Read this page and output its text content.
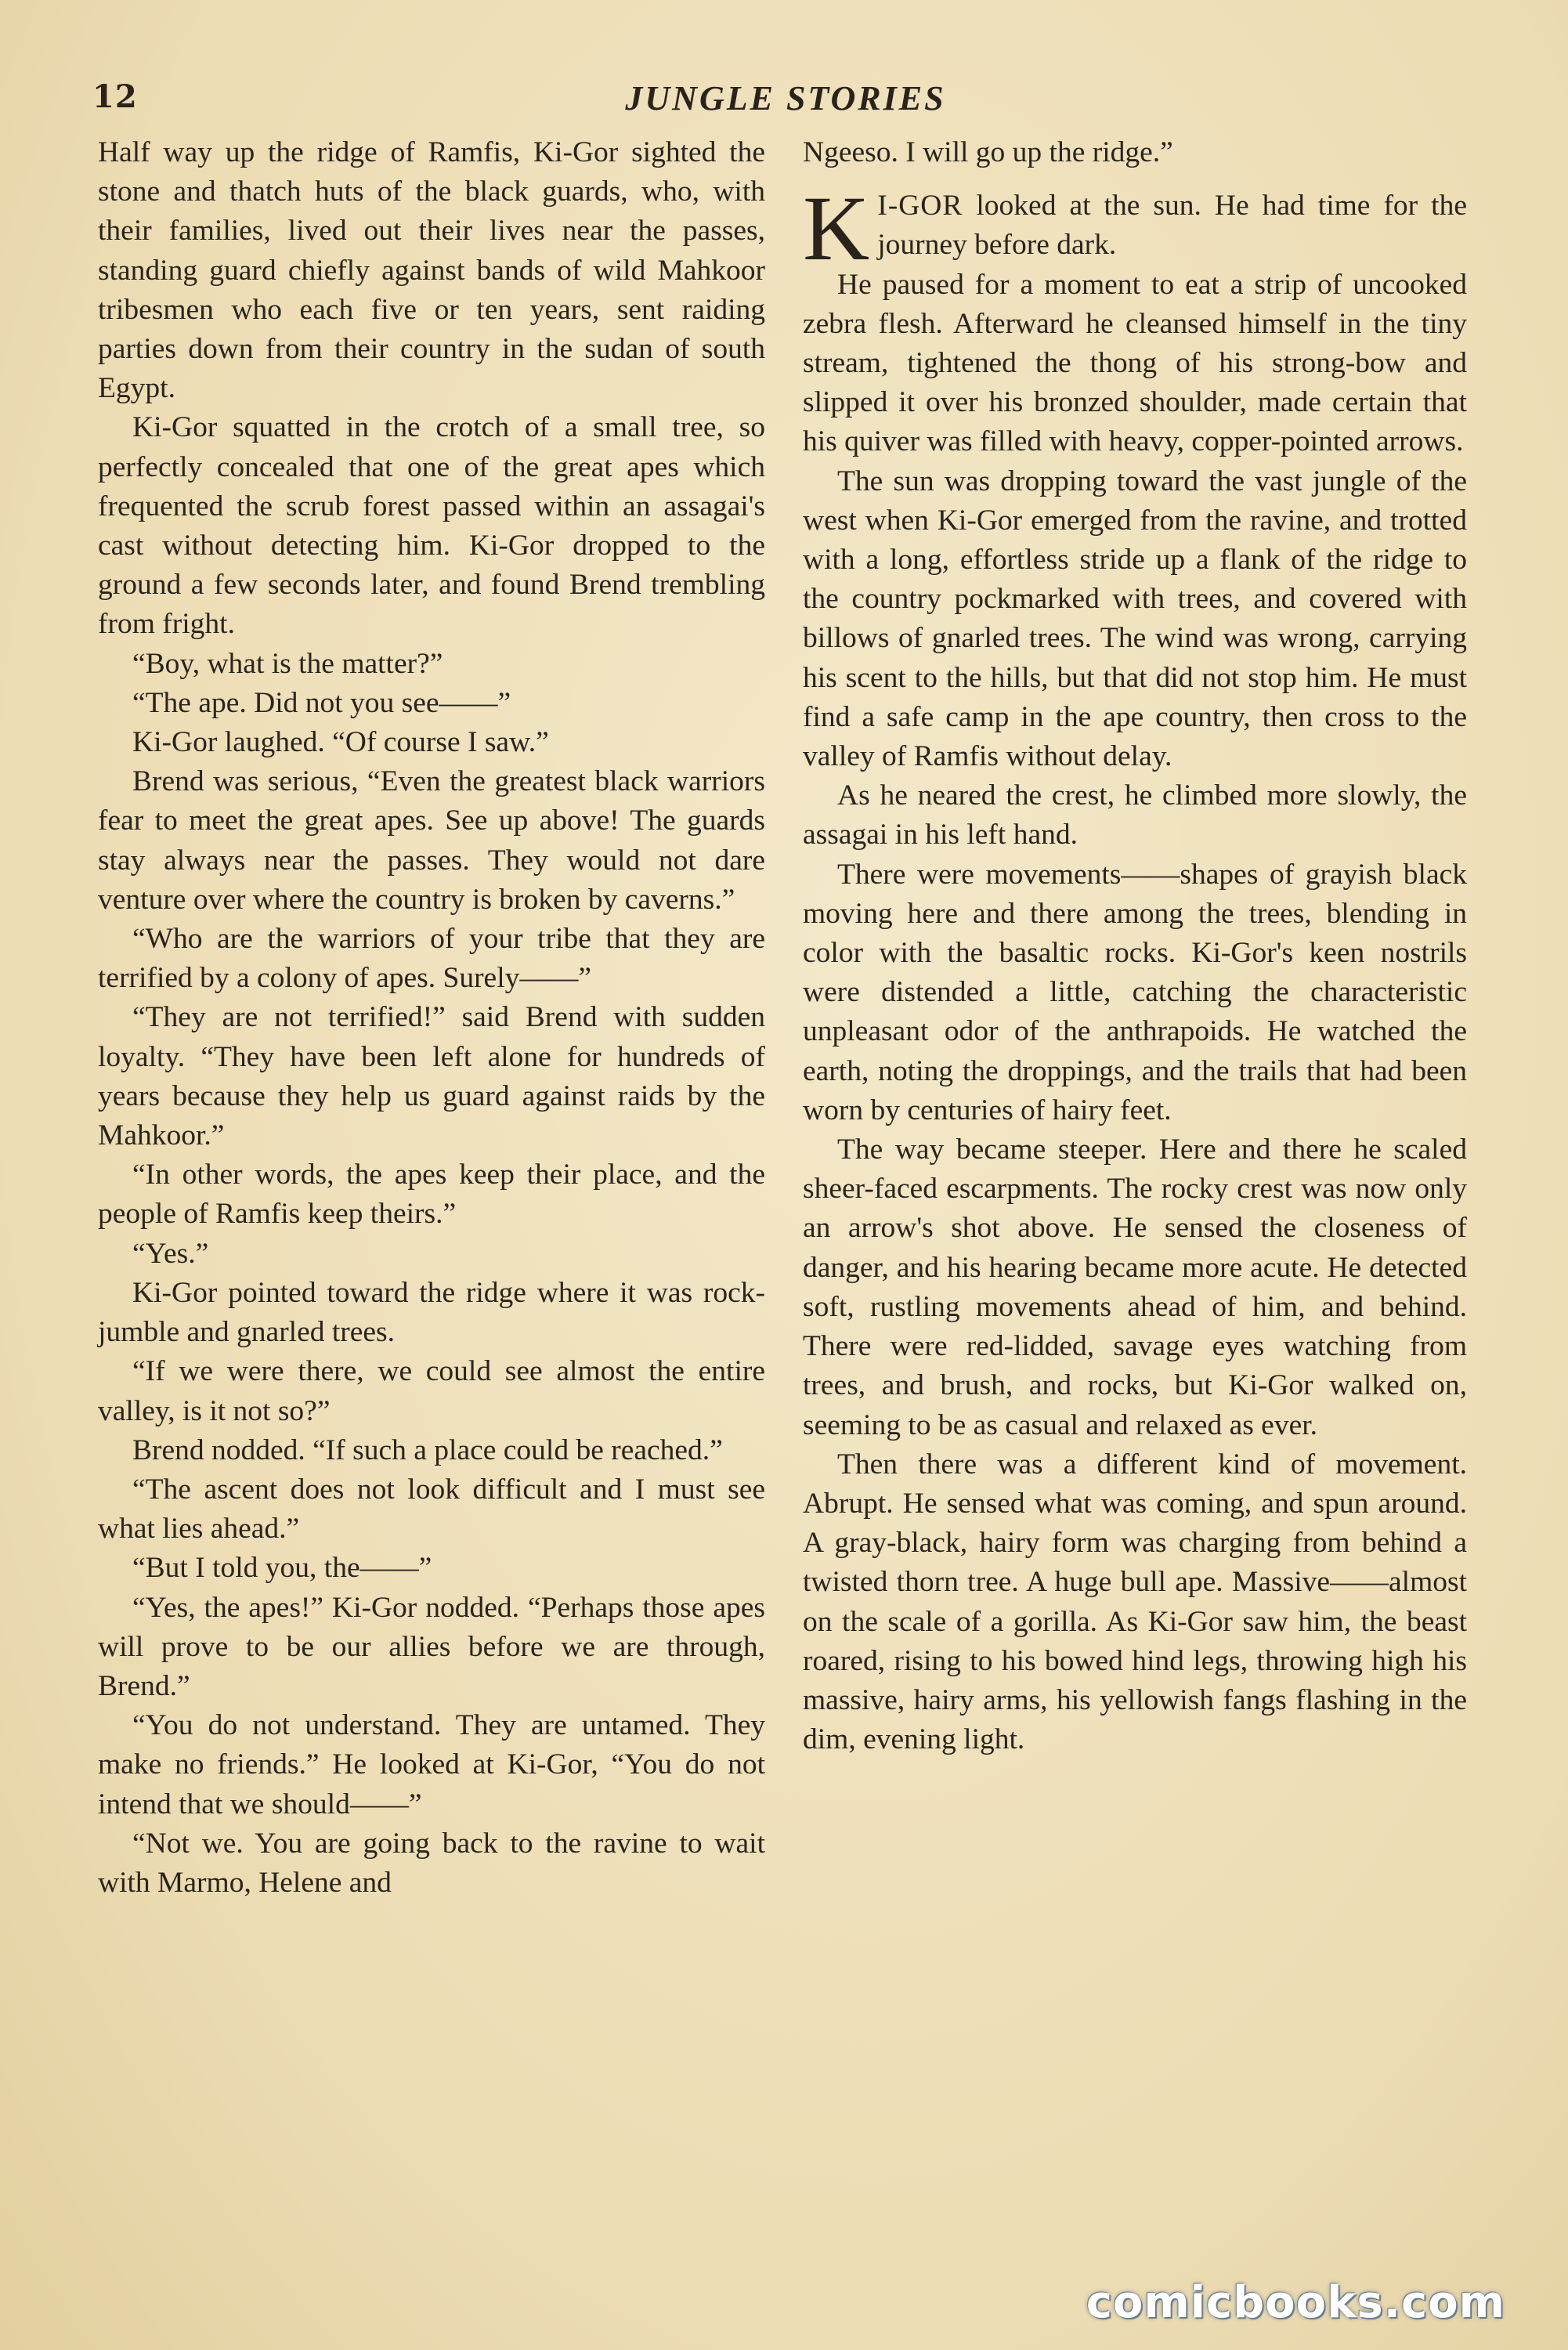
12	JUNGLE STORIES

Half way up the ridge of Ramfis, Ki-Gor sighted the stone and thatch huts of the black guards, who, with their families, lived out their lives near the passes, standing guard chiefly against bands of wild Mahkoor tribesmen who each five or ten years, sent raiding parties down from their country in the sudan of south Egypt.

Ki-Gor squatted in the crotch of a small tree, so perfectly concealed that one of the great apes which frequented the scrub forest passed within an assagai's cast without detecting him. Ki-Gor dropped to the ground a few seconds later, and found Brend trembling from fright.

“Boy, what is the matter?”

“The ape. Did not you see——”

Ki-Gor laughed. “Of course I saw.”

Brend was serious, “Even the greatest black warriors fear to meet the great apes. See up above! The guards stay always near the passes. They would not dare venture over where the country is broken by caverns.”

“Who are the warriors of your tribe that they are terrified by a colony of apes. Surely——”

“They are not terrified!” said Brend with sudden loyalty. “They have been left alone for hundreds of years because they help us guard against raids by the Mahkoor.”

“In other words, the apes keep their place, and the people of Ramfis keep theirs.”

“Yes.”

Ki-Gor pointed toward the ridge where it was rock-jumble and gnarled trees.

“If we were there, we could see almost the entire valley, is it not so?”

Brend nodded. “If such a place could be reached.”

“The ascent does not look difficult and I must see what lies ahead.”

“But I told you, the——”

“Yes, the apes!” Ki-Gor nodded. “Perhaps those apes will prove to be our allies before we are through, Brend.”

“You do not understand. They are untamed. They make no friends.” He looked at Ki-Gor, “You do not intend that we should——”

“Not we. You are going back to the ravine to wait with Marmo, Helene and

Ngeeso. I will go up the ridge.”

K I-GOR looked at the sun. He had time for the journey before dark.

He paused for a moment to eat a strip of uncooked zebra flesh. Afterward he cleansed himself in the tiny stream, tightened the thong of his strong-bow and slipped it over his bronzed shoulder, made certain that his quiver was filled with heavy, copper-pointed arrows.

The sun was dropping toward the vast jungle of the west when Ki-Gor emerged from the ravine, and trotted with a long, effortless stride up a flank of the ridge to the country pockmarked with trees, and covered with billows of gnarled trees. The wind was wrong, carrying his scent to the hills, but that did not stop him. He must find a safe camp in the ape country, then cross to the valley of Ramfis without delay.

As he neared the crest, he climbed more slowly, the assagai in his left hand.

There were movements——shapes of grayish black moving here and there among the trees, blending in color with the basaltic rocks. Ki-Gor's keen nostrils were distended a little, catching the characteristic unpleasant odor of the anthrapoids. He watched the earth, noting the droppings, and the trails that had been worn by centuries of hairy feet.

The way became steeper. Here and there he scaled sheer-faced escarpments. The rocky crest was now only an arrow's shot above. He sensed the closeness of danger, and his hearing became more acute. He detected soft, rustling movements ahead of him, and behind. There were red-lidded, savage eyes watching from trees, and brush, and rocks, but Ki-Gor walked on, seeming to be as casual and relaxed as ever.

Then there was a different kind of movement. Abrupt. He sensed what was coming, and spun around. A gray-black, hairy form was charging from behind a twisted thorn tree. A huge bull ape. Massive——almost on the scale of a gorilla. As Ki-Gor saw him, the beast roared, rising to his bowed hind legs, throwing high his massive, hairy arms, his yellowish fangs flashing in the dim, evening light.

comicbooks.com
